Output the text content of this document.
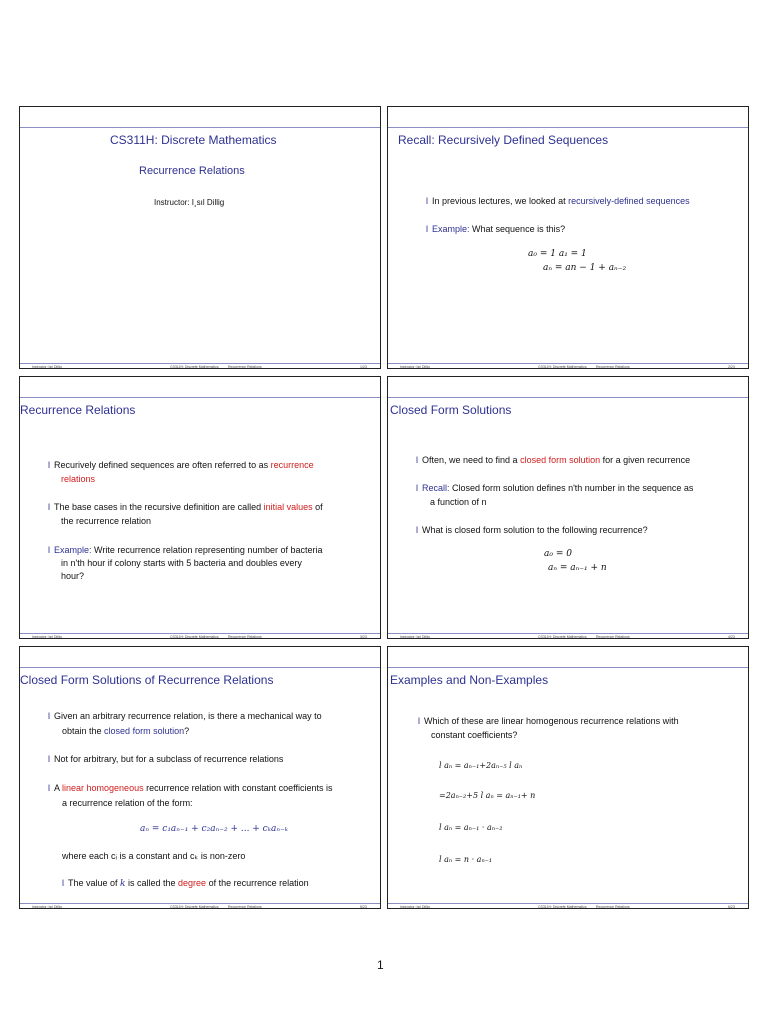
CS311H: Discrete Mathematics
Recurrence Relations
Instructor: I¸sıl Dillig
Instructor: Işıl Dillig,	CS311H: Discrete Mathematics	Recurrence Relations	1/23
Recall: Recursively Defined Sequences
l In previous lectures, we looked at recursively-defined sequences
l Example: What sequence is this?
a₀ = 1 a₁ = 1
aₙ = an − 1 + aₙ₋₂
Instructor: Işıl Dillig,	CS311H: Discrete Mathematics	Recurrence Relations	2/23
Recurrence Relations
l Recurively defined sequences are often referred to as recurrence
relations
l The base cases in the recursive definition are called initial values of
the recurrence relation
l Example: Write recurrence relation representing number of bacteria
in n'th hour if colony starts with 5 bacteria and doubles every
hour?
Instructor: Işıl Dillig,	CS311H: Discrete Mathematics	Recurrence Relations	3/23
Closed Form Solutions
l Often, we need to find a closed form solution for a given recurrence
l Recall: Closed form solution defines n'th number in the sequence as
a function of n
l What is closed form solution to the following recurrence?
a₀ = 0
aₙ = aₙ₋₁ + n
Instructor: Işıl Dillig,	CS311H: Discrete Mathematics	Recurrence Relations	4/23
Closed Form Solutions of Recurrence Relations
l Given an arbitrary recurrence relation, is there a mechanical way to
obtain the closed form solution?
l Not for arbitrary, but for a subclass of recurrence relations
l A linear homogeneous recurrence relation with constant coefficients is
a recurrence relation of the form:
aₙ = c₁aₙ₋₁ + c₂aₙ₋₂ + ... + cₖaₙ₋ₖ
where each cᵢ is a constant and cₖ is non-zero
l The value of k is called the degree of the recurrence relation
Instructor: Işıl Dillig,	CS311H: Discrete Mathematics	Recurrence Relations	5/23
Examples and Non-Examples
l Which of these are linear homogenous recurrence relations with
constant coefficients?
l aₙ = aₙ₋₁+2aₙ₋₅ l aₙ
=2aₙ₋₂+5 l aₙ = aₙ₋₁+ n
l aₙ = aₙ₋₁ · aₙ₋₂
l aₙ = n · aₙ₋₁
Instructor: Işıl Dillig,	CS311H: Discrete Mathematics	Recurrence Relations	6/23
1
